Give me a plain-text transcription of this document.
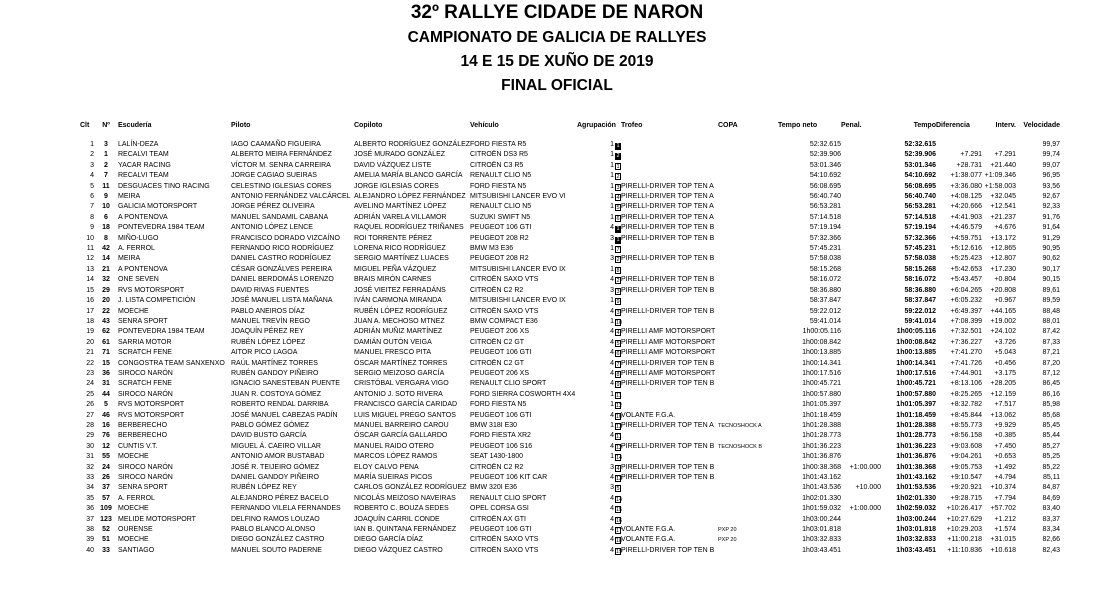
32º RALLYE CIDADE DE NARON
CAMPIONATO DE GALICIA DE RALLYES
14 E 15 DE XUÑO DE 2019
FINAL OFICIAL
Clt	Nº	Escudería	Piloto	Copiloto	Vehículo	Agrupación	Trofeo	COPA	Tempo neto	Penal.	Tempo	Diferencia	Interv.	Velocidade

1	3	LALÍN-DEZA	IAGO CAAMAÑO FIGUEIRA	ALBERTO RODRÍGUEZ GONZÁLEZ	FORD FIESTA R5	1 1			52:32.615		52:32.615			99,97
2	1	RECALVI TEAM	ALBERTO MEIRA FERNÁNDEZ	JOSÉ MURADO GONZÁLEZ	CITROËN DS3 R5	1 2			52:39.906		52:39.906	+7.291	+7.291	99,74
3	2	YACAR RACING	VÍCTOR M. SENRA CARREIRA	DAVID VÁZQUEZ LISTE	CITROËN C3 R5	1 1			53:01.346		53:01.346	+28.731	+21.440	99,07
4	7	RECALVI TEAM	JORGE CAGIAO SUEIRAS	AMELIA MARÍA BLANCO GARCÍA	RENAULT CLIO N5	1 2			54:10.692		54:10.692	+1:38.077	+1:09.346	96,95
5	11	DESGUACES TINO RACING	CELESTINO IGLESIAS CORES	JORGE IGLESIAS CORES	FORD FIESTA N5	1 3	PIRELLI-DRIVER TOP TEN A		56:08.695		56:08.695	+3:36.080	+1:58.003	93,56
6	9	MEIRA	ANTONIO FERNÁNDEZ VALCÁRCEL	ALEJANDRO LÓPEZ FERNÁNDEZ	MITSUBISHI LANCER EVO VI	1 4	PIRELLI-DRIVER TOP TEN A		56:40.740		56:40.740	+4:08.125	+32.045	92,67
7	10	GALICIA MOTORSPORT	JORGE PÉREZ OLIVEIRA	AVELINO MARTÍNEZ LÓPEZ	RENAULT CLIO N5	1 5	PIRELLI-DRIVER TOP TEN A		56:53.281		56:53.281	+4:20.666	+12.541	92,33
8	6	A PONTENOVA	MANUEL SANDAMIL CABANA	ADRIÁN VARELA VILLAMOR	SUZUKI SWIFT N5	1 6	PIRELLI-DRIVER TOP TEN A		57:14.518		57:14.518	+4:41.903	+21.237	91,76
9	18	PONTEVEDRA 1984 TEAM	ANTONIO LÓPEZ LENCE	RAQUEL RODRÍGUEZ TRIÑANES	PEUGEOT 106 GTI	4 1	PIRELLI-DRIVER TOP TEN B		57:19.194		57:19.194	+4:46.579	+4.676	91,64
10	8	MIÑO-LUGO	FRANCISCO DORADO VIZCAÍNO	ROI TORRENTE PÉREZ	PEUGEOT 208 R2	3 1	PIRELLI-DRIVER TOP TEN B		57:32.366		57:32.366	+4:59.751	+13.172	91,29
11	42	A. FERROL	FERNANDO RICO RODRÍGUEZ	LORENA RICO RODRÍGUEZ	BMW M3 E36	1 7			57:45.231		57:45.231	+5:12.616	+12.865	90,95
12	14	MEIRA	DANIEL CASTRO RODRÍGUEZ	SERGIO MARTÍNEZ LUACES	PEUGEOT 208 R2	3 2	PIRELLI-DRIVER TOP TEN B		57:58.038		57:58.038	+5:25.423	+12.807	90,62
13	21	A PONTENOVA	CÉSAR GONZÁLVES PEREIRA	MIGUEL PEÑA VÁZQUEZ	MITSUBISHI LANCER EVO IX	1 8			58:15.268		58:15.268	+5:42.653	+17.230	90,17
14	32	ONE SEVEN	DANIEL BERDOMÁS LORENZO	BRAIS MIRÓN CARNES	CITROËN SAXO VTS	4 2	PIRELLI-DRIVER TOP TEN B		58:16.072		58:16.072	+5:43.457	+0.804	90,15
15	29	RVS MOTORSPORT	DAVID RIVAS FUENTES	JOSÉ VIEITEZ FERRADÁNS	CITROËN C2 R2	3 3	PIRELLI-DRIVER TOP TEN B		58:36.880		58:36.880	+6:04.265	+20.808	89,61
16	20	J. LISTA COMPETICIÓN	JOSÉ MANUEL LISTA MAÑANA	IVÁN CARMONA MIRANDA	MITSUBISHI LANCER EVO IX	1 9			58:37.847		58:37.847	+6:05.232	+0.967	89,59
17	22	MOECHE	PABLO ANEIROS DÍAZ	RUBÉN LÓPEZ RODRÍGUEZ	CITROËN SAXO VTS	4 3	PIRELLI-DRIVER TOP TEN B		59:22.012		59:22.012	+6:49.397	+44.165	88,48
18	43	SENRA SPORT	MANUEL TREVÍN REGO	JUAN A. MECHOSO MTNEZ	BMW COMPACT E36	1 10			59:41.014		59:41.014	+7:08.399	+19.002	88,01
19	62	PONTEVEDRA 1984 TEAM	JOAQUÍN PÉREZ REY	ADRIÁN MUÑIZ MARTÍNEZ	PEUGEOT 206 XS	4 4	PIRELLI AMF MOTORSPORT		1h00:05.116		1h00:05.116	+7:32.501	+24.102	87,42
20	61	SARRIA MOTOR	RUBÉN LÓPEZ LÓPEZ	DAMIÁN OUTÓN VEIGA	CITROËN C2 GT	4 5	PIRELLI AMF MOTORSPORT		1h00:08.842		1h00:08.842	+7:36.227	+3.726	87,33
21	71	SCRATCH FENE	AITOR PICO LAGOA	MANUEL FRESCO PITA	PEUGEOT 106 GTI	4 6	PIRELLI AMF MOTORSPORT		1h00:13.885		1h00:13.885	+7:41.270	+5.043	87,21
22	15	CONGOSTRA TEAM SANXENXO	RAÚL MARTÍNEZ TORRES	ÓSCAR MARTÍNEZ TORRES	CITROËN C2 GT	4 7	PIRELLI-DRIVER TOP TEN B		1h00:14.341		1h00:14.341	+7:41.726	+0.456	87,20
23	36	SIROCO NARÓN	RUBÉN GANDOY PIÑEIRO	SERGIO MEIZOSO GARCÍA	PEUGEOT 206 XS	4 8	PIRELLI AMF MOTORSPORT		1h00:17.516		1h00:17.516	+7:44.901	+3.175	87,12
24	31	SCRATCH FENE	IGNACIO SANESTEBAN PUENTE	CRISTÓBAL VERGARA VIGO	RENAULT CLIO SPORT	4 9	PIRELLI-DRIVER TOP TEN B		1h00:45.721		1h00:45.721	+8:13.106	+28.205	86,45
25	44	SIROCO NARÓN	JUAN R. COSTOYA GÓMEZ	ANTONIO J. SOTO RIVERA	FORD SIERRA COSWORTH 4X4	1 11			1h00:57.880		1h00:57.880	+8:25.265	+12.159	86,16
26	5	RVS MOTORSPORT	ROBERTO RENDAL DARRIBA	FRANCISCO GARCÍA CARIDAD	FORD FIESTA N5	1 12			1h01:05.397		1h01:05.397	+8:32.782	+7.517	85,98
27	46	RVS MOTORSPORT	JOSÉ MANUEL CABEZAS PADÍN	LUIS MIGUEL PREGO SANTOS	PEUGEOT 106 GTI	4 10	VOLANTE F.G.A.		1h01:18.459		1h01:18.459	+8:45.844	+13.062	85,68
28	16	BERBERECHO	PABLO GÓMEZ GÓMEZ	MANUEL BARREIRO CAROU	BMW 318I E30	1 13	PIRELLI-DRIVER TOP TEN A	TECNOSHOCK A	1h01:28.388		1h01:28.388	+8:55.773	+9.929	85,45
29	76	BERBERECHO	DAVID BUSTO GARCÍA	ÓSCAR GARCÍA GALLARDO	FORD FIESTA XR2	4 11			1h01:28.773		1h01:28.773	+8:56.158	+0.385	85,44
30	12	CUNTIS V.T.	MIGUEL Á. CAEIRO VILLAR	MANUEL RAIDO OTERO	PEUGEOT 106 S16	4 12	PIRELLI-DRIVER TOP TEN B	TECNOSHOCK B	1h01:36.223		1h01:36.223	+9:03.608	+7.450	85,27
31	55	MOECHE	ANTONIO AMOR BUSTABAD	MARCOS LÓPEZ RAMOS	SEAT 1430-1800	1 14			1h01:36.876		1h01:36.876	+9:04.261	+0.653	85,25
32	24	SIROCO NARÓN	JOSÉ R. TEIJEIRO GÓMEZ	ELOY CALVO PENA	CITROËN C2 R2	3 4	PIRELLI-DRIVER TOP TEN B		1h00:38.368	+1:00.000	1h01:38.368	+9:05.753	+1.492	85,22
33	26	SIROCO NARÓN	DANIEL GANDOY PIÑEIRO	MARÍA SUEIRAS PICOS	PEUGEOT 106 KIT CAR	4 13	PIRELLI-DRIVER TOP TEN B		1h01:43.162		1h01:43.162	+9:10.547	+4.794	85,11
34	37	SENRA SPORT	RUBÉN LÓPEZ REY	CARLOS GONZÁLEZ RODRÍGUEZ	BMW 320I E36	3 5			1h01:43.536	+10.000	1h01:53.536	+9:20.921	+10.374	84,87
35	57	A. FERROL	ALEJANDRO PÉREZ BACELO	NICOLÁS MEIZOSO NAVEIRAS	RENAULT CLIO SPORT	4 14			1h02:01.330		1h02:01.330	+9:28.715	+7.794	84,69
36	109	MOECHE	FERNANDO VILELA FERNANDES	ROBERTO C. BOUZA SEDES	OPEL CORSA GSI	4 15			1h01:59.032	+1:00.000	1h02:59.032	+10:26.417	+57.702	83,40
37	123	MELIDE MOTORSPORT	DELFINO RAMOS LOUZAO	JOAQUÍN CARRIL CONDE	CITROËN AX GTI	4 16			1h03:00.244		1h03:00.244	+10:27.629	+1.212	83,37
38	52	OURENSE	PABLO BLANCO ALONSO	IAN B. QUINTANA FERNÁNDEZ	PEUGEOT 106 GTI	4 17	VOLANTE F.G.A.	PXP 20	1h03:01.818		1h03:01.818	+10:29.203	+1.574	83,34
39	51	MOECHE	DIEGO GONZÁLEZ CASTRO	DIEGO GARCÍA DÍAZ	CITROËN SAXO VTS	4 18	VOLANTE F.G.A.	PXP 20	1h03:32.833		1h03:32.833	+11:00.218	+31.015	82,66
40	33	SANTIAGO	MANUEL SOUTO PADERNE	DIEGO VÁZQUEZ CASTRO	CITROËN SAXO VTS	4 19	PIRELLI-DRIVER TOP TEN B		1h03:43.451		1h03:43.451	+11:10.836	+10.618	82,43
